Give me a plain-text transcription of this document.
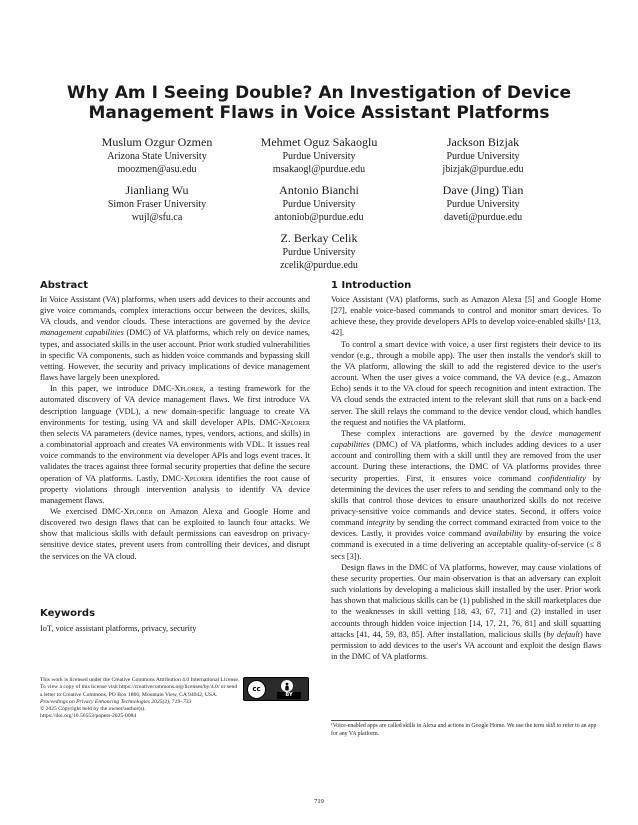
Why Am I Seeing Double? An Investigation of Device
Management Flaws in Voice Assistant Platforms
Muslum Ozgur Ozmen
Arizona State University
moozmen@asu.edu
Mehmet Oguz Sakaoglu
Purdue University
msakaogl@purdue.edu
Jackson Bizjak
Purdue University
jbizjak@purdue.edu
Jianliang Wu
Simon Fraser University
wujl@sfu.ca
Antonio Bianchi
Purdue University
antoniob@purdue.edu
Dave (Jing) Tian
Purdue University
daveti@purdue.edu
Z. Berkay Celik
Purdue University
zcelik@purdue.edu
Abstract

In Voice Assistant (VA) platforms, when users add devices to their accounts and give voice commands, complex interactions occur between the devices, skills, VA clouds, and vendor clouds. These interactions are governed by the device management capabilities (DMC) of VA platforms, which rely on device names, types, and associated skills in the user account. Prior work studied vulnerabilities in specific VA components, such as hidden voice commands and bypassing skill vetting. However, the security and privacy implications of device management flaws have largely been unexplored.

In this paper, we introduce DMC-Xplorer, a testing framework for the automated discovery of VA device management flaws. We first introduce VA description language (VDL), a new domain-specific language to create VA environments for testing, using VA and skill developer APIs. DMC-Xplorer then selects VA parameters (device names, types, vendors, actions, and skills) in a combinatorial approach and creates VA environments with VDL. It issues real voice commands to the environment via developer APIs and logs event traces. It validates the traces against three formal security properties that define the secure operation of VA platforms. Lastly, DMC-Xplorer identifies the root cause of property violations through intervention analysis to identify VA device management flaws.

We exercised DMC-Xplorer on Amazon Alexa and Google Home and discovered two design flaws that can be exploited to launch four attacks. We show that malicious skills with default permissions can eavesdrop on privacy-sensitive device states, prevent users from controlling their devices, and disrupt the services on the VA cloud.

Keywords
IoT, voice assistant platforms, privacy, security
This work is licensed under the Creative Commons Attribution 4.0 International License. To view a copy of this license visit https://creativecommons.org/licenses/by/4.0/ or send a letter to Creative Commons, PO Box 1866, Mountain View, CA 94042, USA.
Proceedings on Privacy Enhancing Technologies 2025(2), 719–733
© 2025 Copyright held by the owner/author(s).
https://doi.org/10.56553/popets-2025-0084
cc
BY
1 Introduction

Voice Assistant (VA) platforms, such as Amazon Alexa [5] and Google Home [27], enable voice-based commands to control and monitor smart devices. To achieve these, they provide developers APIs to develop voice-enabled skills¹ [13, 42].

To control a smart device with voice, a user first registers their device to its vendor (e.g., through a mobile app). The user then installs the vendor's skill to the VA platform, allowing the skill to add the registered device to the user's account. When the user gives a voice command, the VA device (e.g., Amazon Echo) sends it to the VA cloud for speech recognition and intent extraction. The VA cloud sends the extracted intent to the relevant skill that runs on a back-end server. The skill relays the command to the device vendor cloud, which handles the request and notifies the VA platform.

These complex interactions are governed by the device management capabilities (DMC) of VA platforms, which includes adding devices to a user account and controlling them with a skill until they are removed from the user account. During these interactions, the DMC of VA platforms provides three security properties. First, it ensures voice command confidentiality by determining the devices the user refers to and sending the command only to the skills that control those devices to ensure unauthorized skills do not receive privacy-sensitive voice commands and device states. Second, it offers voice command integrity by sending the correct command extracted from voice to the devices. Lastly, it provides voice command availability by ensuring the voice command is executed in a time delivering an acceptable quality-of-service (≤ 8 secs [3]).

Design flaws in the DMC of VA platforms, however, may cause violations of these security properties. Our main observation is that an adversary can exploit such violations by developing a malicious skill installed by the user. Prior work has shown that malicious skills can be (1) published in the skill marketplaces due to the weaknesses in skill vetting [18, 43, 67, 71] and (2) installed in user accounts through hidden voice injection [14, 17, 21, 76, 81] and skill squatting attacks [41, 44, 59, 83, 85]. After installation, malicious skills (by default) have permission to add devices to the user's VA account and exploit the design flaws in the DMC of VA platforms.

¹Voice-enabled apps are called skills in Alexa and actions in Google Home. We use the term skill to refer to an app for any VA platform.
719
